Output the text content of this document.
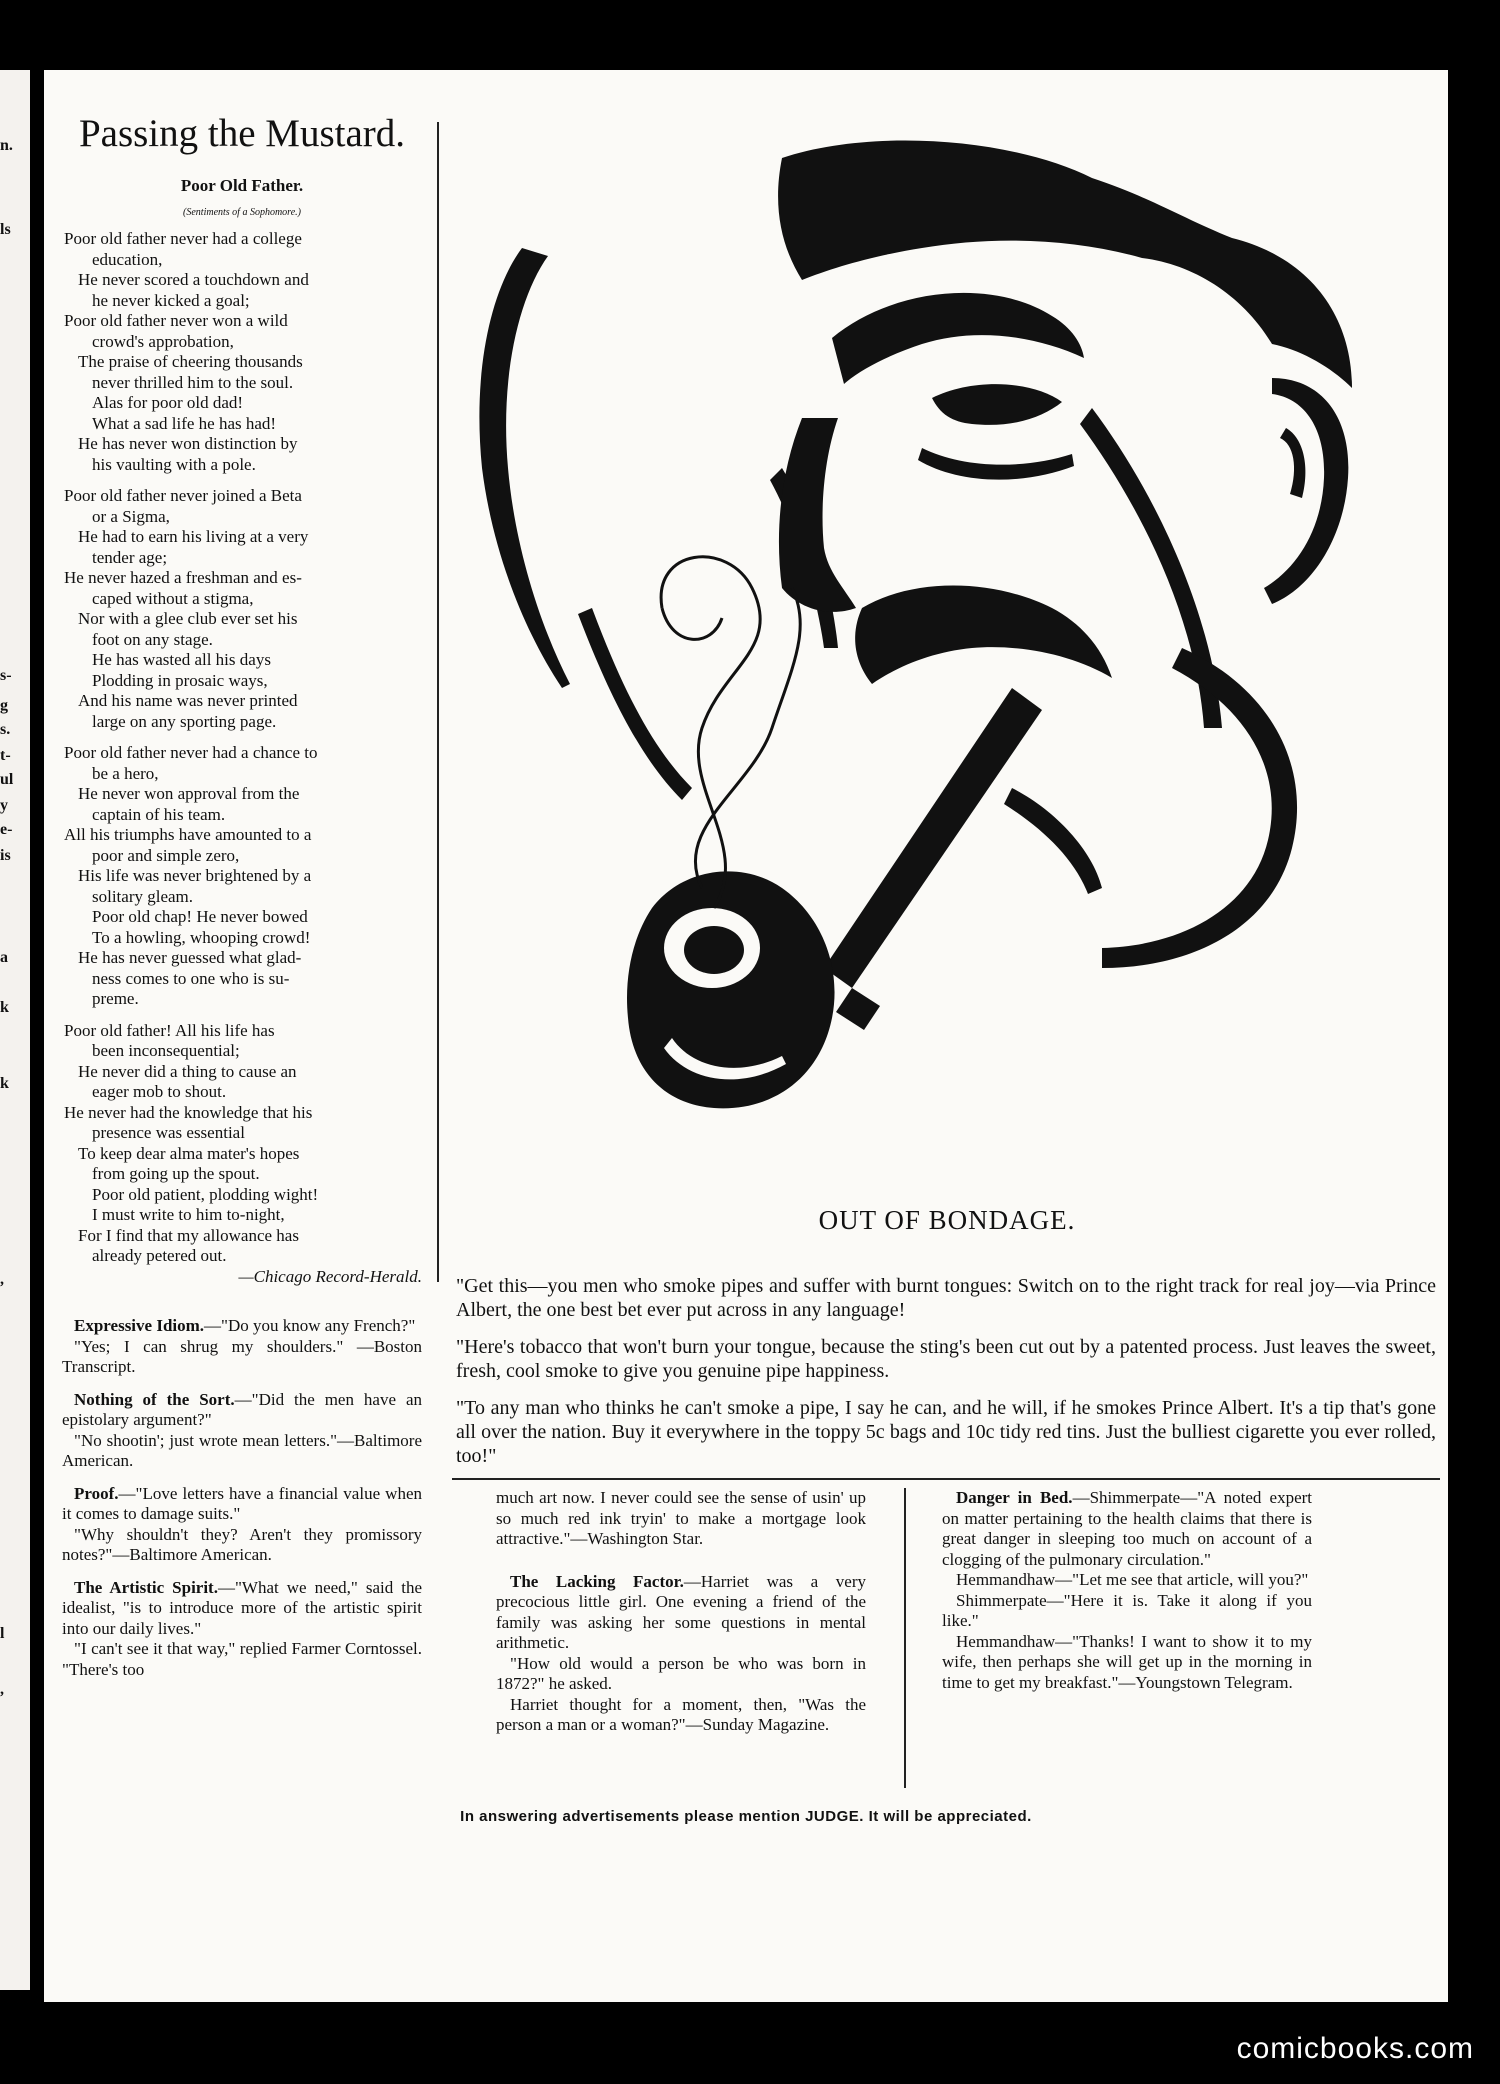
n.
ls
s-
g
s.
t-
ul
y
e-
is
a
k
k
,
l
,
Passing the Mustard.

Poor Old Father.

(Sentiments of a Sophomore.)

Poor old father never had a college

education,

He never scored a touchdown and

he never kicked a goal;

Poor old father never won a wild

crowd's approbation,

The praise of cheering thousands

never thrilled him to the soul.

Alas for poor old dad!

What a sad life he has had!

He has never won distinction by

his vaulting with a pole.

Poor old father never joined a Beta

or a Sigma,

He had to earn his living at a very

tender age;

He never hazed a freshman and es-

caped without a stigma,

Nor with a glee club ever set his

foot on any stage.

He has wasted all his days

Plodding in prosaic ways,

And his name was never printed

large on any sporting page.

Poor old father never had a chance to

be a hero,

He never won approval from the

captain of his team.

All his triumphs have amounted to a

poor and simple zero,

His life was never brightened by a

solitary gleam.

Poor old chap! He never bowed

To a howling, whooping crowd!

He has never guessed what glad-

ness comes to one who is su-

preme.

Poor old father! All his life has

been inconsequential;

He never did a thing to cause an

eager mob to shout.

He never had the knowledge that his

presence was essential

To keep dear alma mater's hopes

from going up the spout.

Poor old patient, plodding wight!

I must write to him to-night,

For I find that my allowance has

already petered out.

—Chicago Record-Herald.

Expressive Idiom.—"Do you know any French?"

"Yes; I can shrug my shoulders." —Boston Transcript.

Nothing of the Sort.—"Did the men have an epistolary argument?"

"No shootin'; just wrote mean letters."—Baltimore American.

Proof.—"Love letters have a financial value when it comes to damage suits."

"Why shouldn't they? Aren't they promissory notes?"—Baltimore American.

The Artistic Spirit.—"What we need," said the idealist, "is to introduce more of the artistic spirit into our daily lives."

"I can't see it that way," replied Farmer Corntossel. "There's too

OUT OF BONDAGE.

"Get this—you men who smoke pipes and suffer with burnt tongues: Switch on to the right track for real joy—via Prince Albert, the one best bet ever put across in any language!

"Here's tobacco that won't burn your tongue, because the sting's been cut out by a patented process. Just leaves the sweet, fresh, cool smoke to give you genuine pipe happiness.

"To any man who thinks he can't smoke a pipe, I say he can, and he will, if he smokes Prince Albert. It's a tip that's gone all over the nation. Buy it everywhere in the toppy 5c bags and 10c tidy red tins. Just the bulliest cigarette you ever rolled, too!"

much art now. I never could see the sense of usin' up so much red ink tryin' to make a mortgage look attractive."—Washington Star.

The Lacking Factor.—Harriet was a very precocious little girl. One evening a friend of the family was asking her some questions in mental arithmetic.

"How old would a person be who was born in 1872?" he asked.

Harriet thought for a moment, then, "Was the person a man or a woman?"—Sunday Magazine.

Danger in Bed.—Shimmerpate—"A noted expert on matter pertaining to the health claims that there is great danger in sleeping too much on account of a clogging of the pulmonary circulation."

Hemmandhaw—"Let me see that article, will you?"

Shimmerpate—"Here it is. Take it along if you like."

Hemmandhaw—"Thanks! I want to show it to my wife, then perhaps she will get up in the morning in time to get my breakfast."—Youngstown Telegram.

In answering advertisements please mention JUDGE. It will be appreciated.
comicbooks.com
